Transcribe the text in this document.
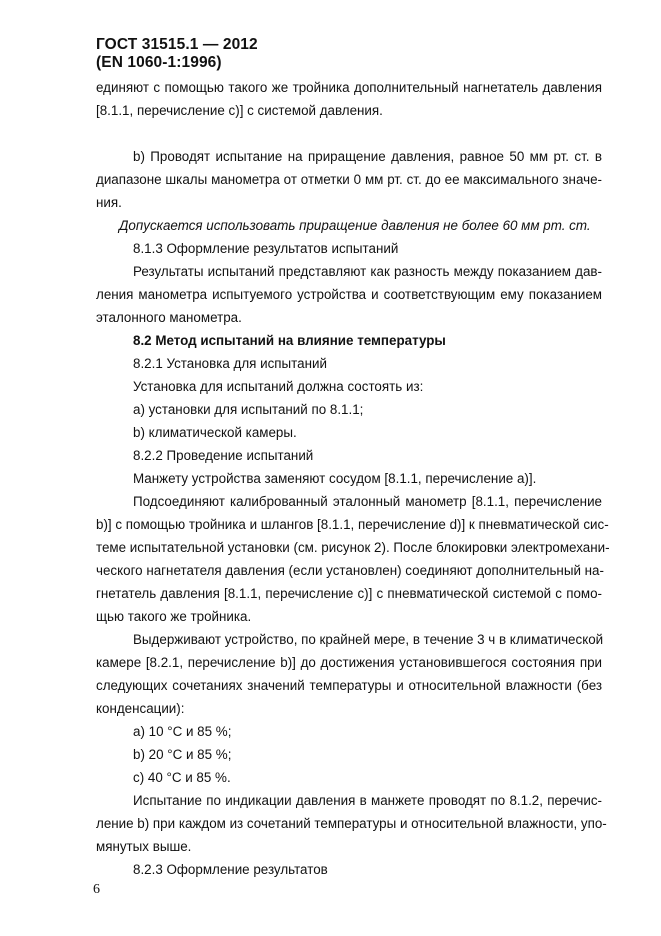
ГОСТ 31515.1 — 2012
(EN 1060-1:1996)
единяют с помощью такого же тройника дополнительный нагнетатель давления
[8.1.1, перечисление с)] с системой давления.
b) Проводят испытание на приращение давления, равное 50 мм рт. ст. в
диапазоне шкалы манометра от отметки 0 мм рт. ст. до ее максимального значе-
ния.
Допускается использовать приращение давления не более 60 мм рт. ст.
8.1.3 Оформление результатов испытаний
Результаты испытаний представляют как разность между показанием дав-
ления манометра испытуемого устройства и соответствующим ему показанием
эталонного манометра.
8.2 Метод испытаний на влияние температуры
8.2.1 Установка для испытаний
Установка для испытаний должна состоять из:
а) установки для испытаний по 8.1.1;
b) климатической камеры.
8.2.2 Проведение испытаний
Манжету устройства заменяют сосудом [8.1.1, перечисление а)].
Подсоединяют калиброванный эталонный манометр [8.1.1, перечисление
b)] с помощью тройника и шлангов [8.1.1, перечисление d)] к пневматической сис-
теме испытательной установки (см. рисунок 2). После блокировки электромехани-
ческого нагнетателя давления (если установлен) соединяют дополнительный на-
гнетатель давления [8.1.1, перечисление с)] с пневматической системой с помо-
щью такого же тройника.
Выдерживают устройство, по крайней мере, в течение 3 ч в климатической
камере [8.2.1, перечисление b)] до достижения установившегося состояния при
следующих сочетаниях значений температуры и относительной влажности (без
конденсации):
а) 10 °С и 85 %;
b) 20 °С и 85 %;
с) 40 °С и 85 %.
Испытание по индикации давления в манжете проводят по 8.1.2, перечис-
ление b) при каждом из сочетаний температуры и относительной влажности, упо-
мянутых выше.
8.2.3 Оформление результатов
6
